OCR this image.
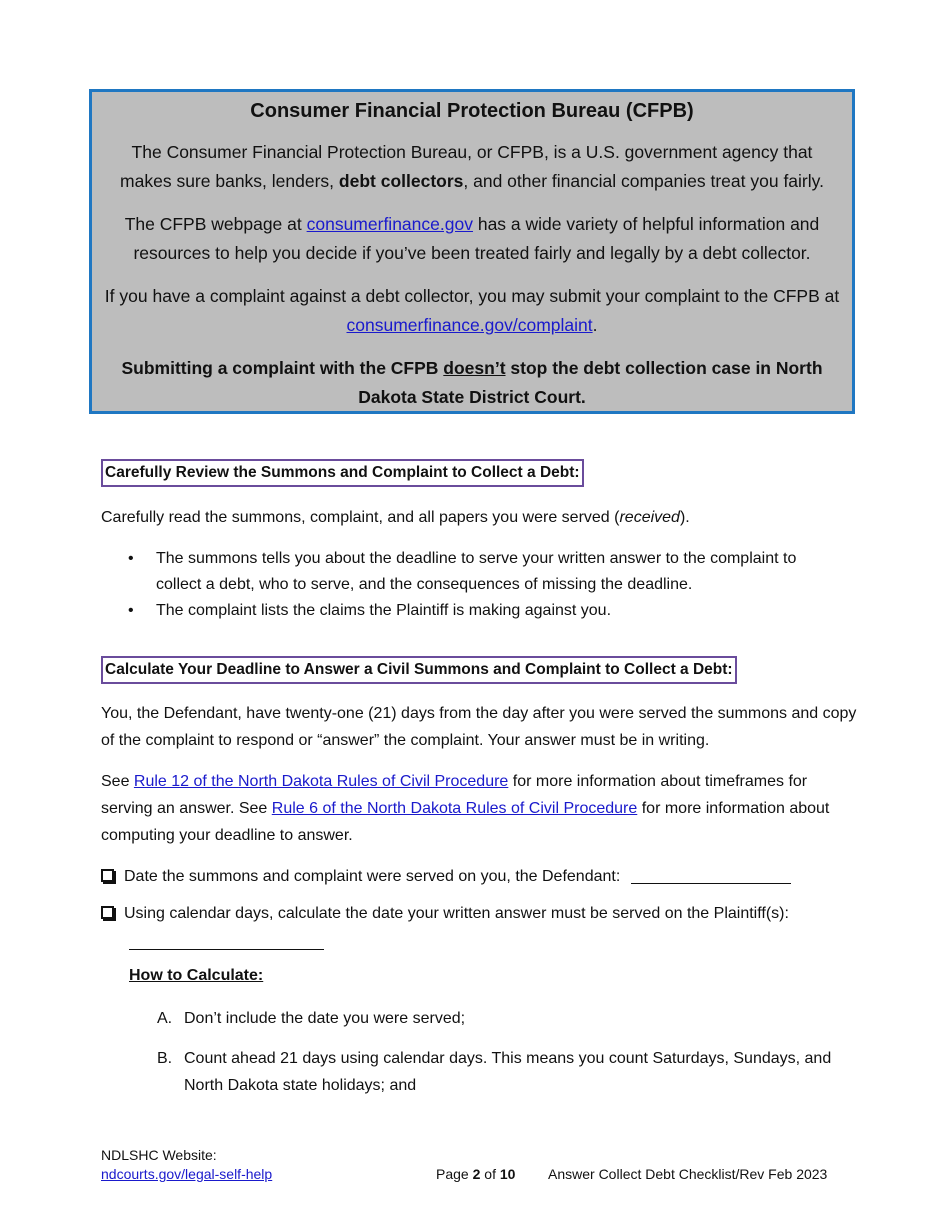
Consumer Financial Protection Bureau (CFPB)

The Consumer Financial Protection Bureau, or CFPB, is a U.S. government agency that makes sure banks, lenders, debt collectors, and other financial companies treat you fairly.

The CFPB webpage at consumerfinance.gov has a wide variety of helpful information and resources to help you decide if you’ve been treated fairly and legally by a debt collector.

If you have a complaint against a debt collector, you may submit your complaint to the CFPB at consumerfinance.gov/complaint.

Submitting a complaint with the CFPB doesn’t stop the debt collection case in North Dakota State District Court.

Carefully Review the Summons and Complaint to Collect a Debt:

Carefully read the summons, complaint, and all papers you were served (received).

• The summons tells you about the deadline to serve your written answer to the complaint to collect a debt, who to serve, and the consequences of missing the deadline.
• The complaint lists the claims the Plaintiff is making against you.
Calculate Your Deadline to Answer a Civil Summons and Complaint to Collect a Debt:

You, the Defendant, have twenty-one (21) days from the day after you were served the summons and copy of the complaint to respond or “answer” the complaint. Your answer must be in writing.

See Rule 12 of the North Dakota Rules of Civil Procedure for more information about timeframes for serving an answer. See Rule 6 of the North Dakota Rules of Civil Procedure for more information about computing your deadline to answer.

Date the summons and complaint were served on you, the Defendant:
Using calendar days, calculate the date your written answer must be served on the Plaintiff(s):
How to Calculate:
A. Don’t include the date you were served;
B. Count ahead 21 days using calendar days. This means you count Saturdays, Sundays, and North Dakota state holidays; and
NDLSHC Website:
ndcourts.gov/legal-self-help	Page 2 of 10 Answer Collect Debt Checklist/Rev Feb 2023
